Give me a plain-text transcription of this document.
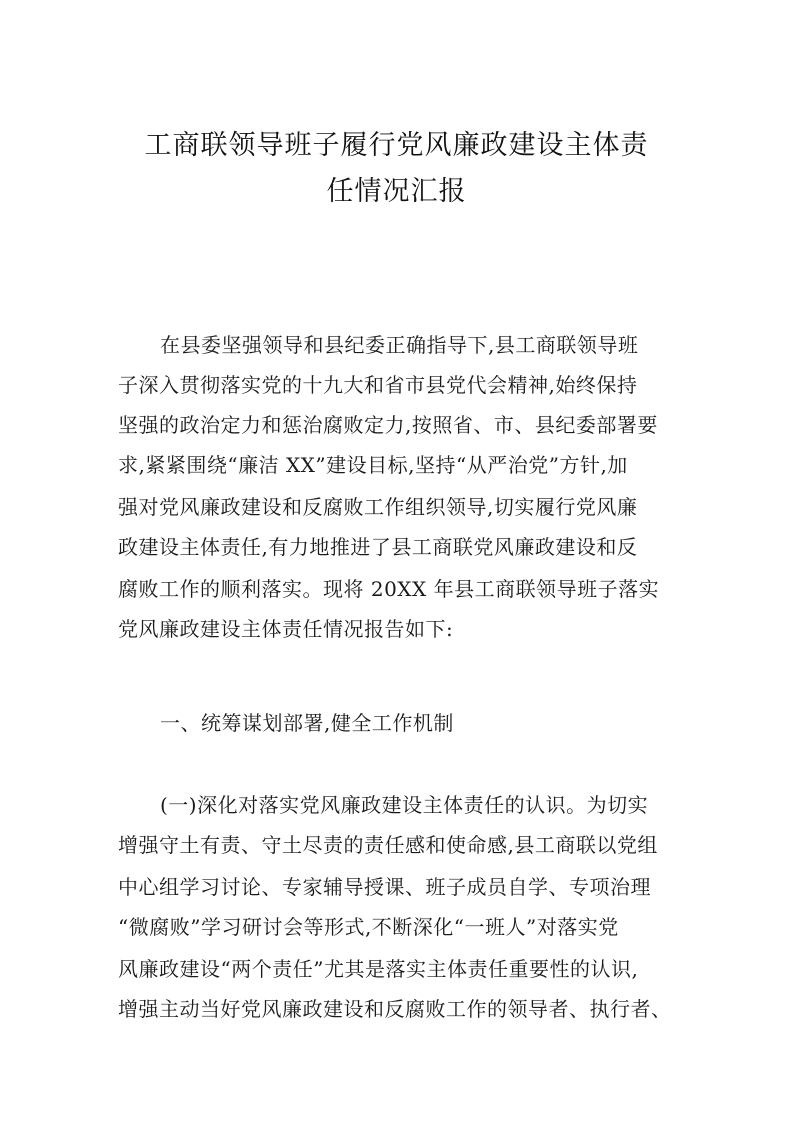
工商联领导班子履行党风廉政建设主体责
任情况汇报
在县委坚强领导和县纪委正确指导下,县工商联领导班
子深入贯彻落实党的十九大和省市县党代会精神,始终保持
坚强的政治定力和惩治腐败定力,按照省、市、县纪委部署要
求,紧紧围绕“廉洁 XX”建设目标,坚持“从严治党”方针,加
强对党风廉政建设和反腐败工作组织领导,切实履行党风廉
政建设主体责任,有力地推进了县工商联党风廉政建设和反
腐败工作的顺利落实。现将 20XX 年县工商联领导班子落实
党风廉政建设主体责任情况报告如下:
一、统筹谋划部署,健全工作机制
(一)深化对落实党风廉政建设主体责任的认识。为切实
增强守土有责、守土尽责的责任感和使命感,县工商联以党组
中心组学习讨论、专家辅导授课、班子成员自学、专项治理
“微腐败”学习研讨会等形式,不断深化“一班人”对落实党
风廉政建设“两个责任”尤其是落实主体责任重要性的认识,
增强主动当好党风廉政建设和反腐败工作的领导者、执行者、
